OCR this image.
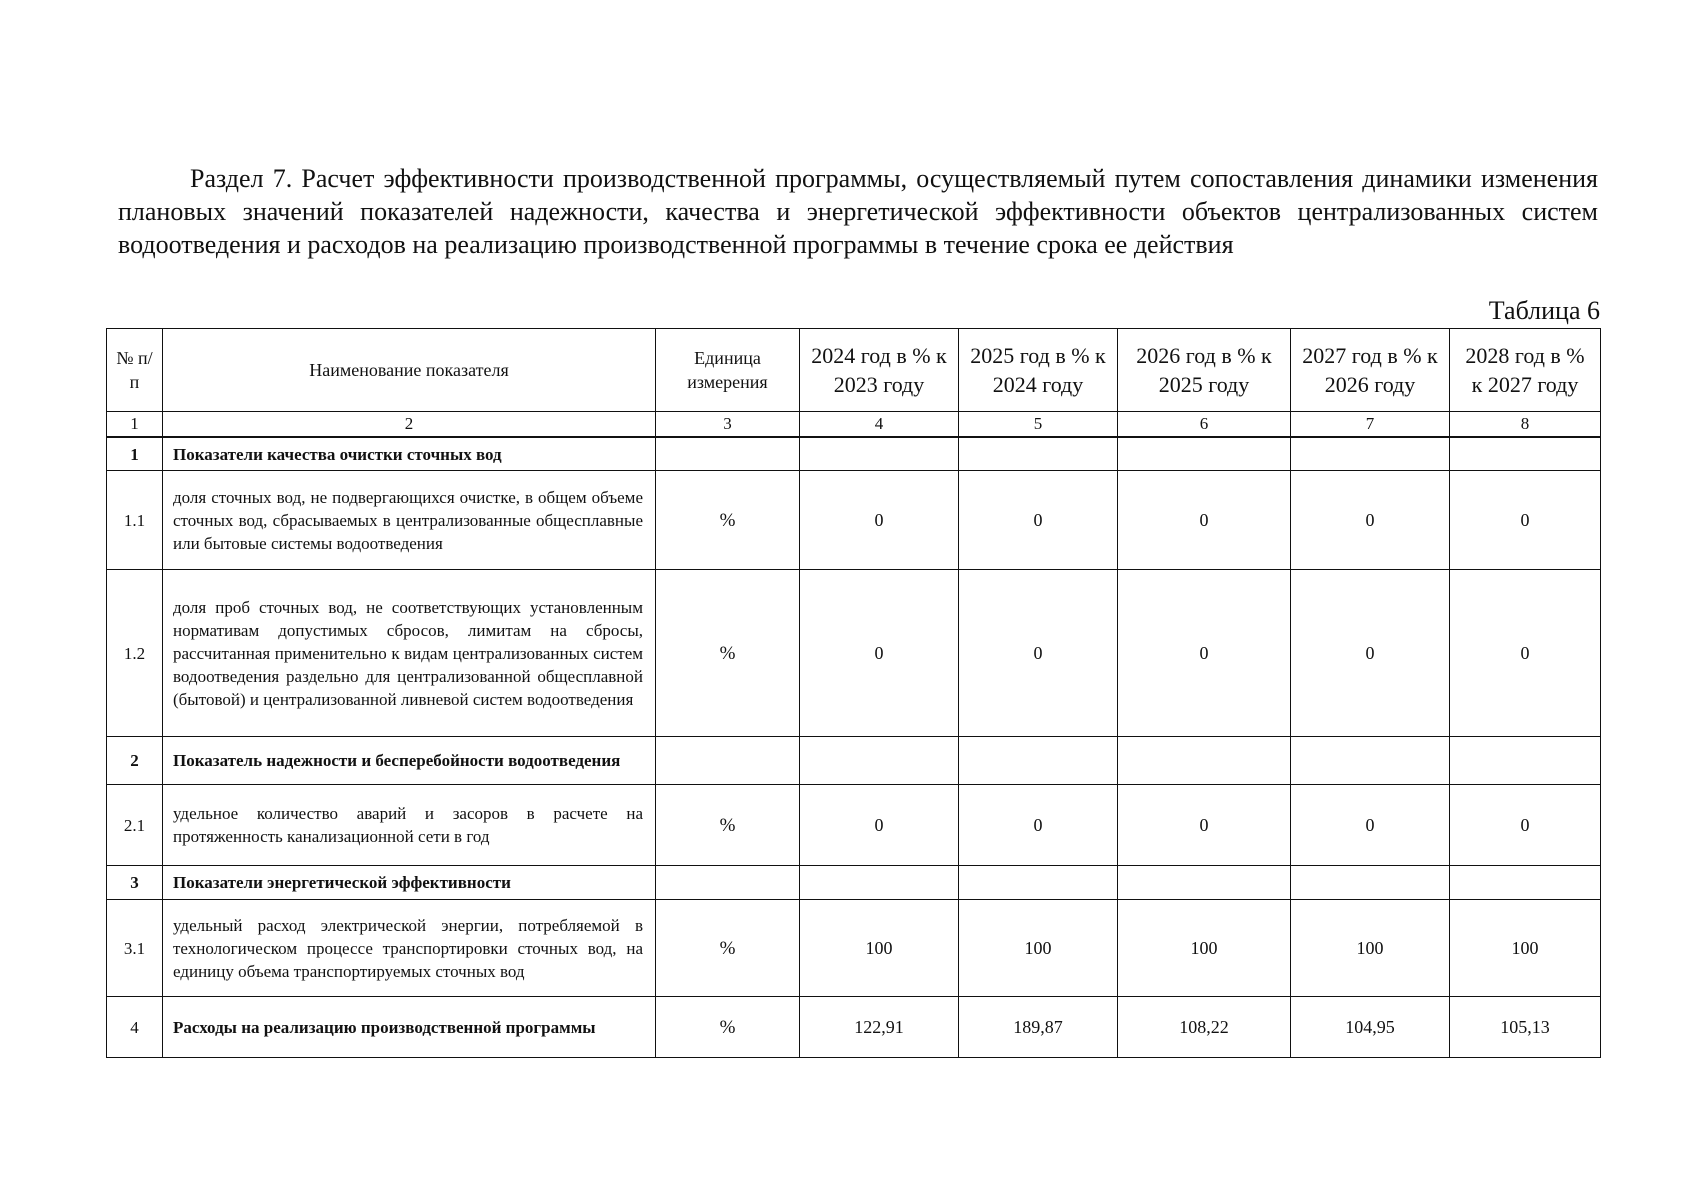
Раздел 7. Расчет эффективности производственной программы, осуществляемый путем сопоставления динамики изменения плановых значений показателей надежности, качества и энергетической эффективности объектов централизованных систем водоотведения и расходов на реализацию производственной программы в течение срока ее действия

Таблица 6
№ п/п	Наименование показателя	Единица измерения	2024 год в % к 2023 году	2025 год в % к 2024 году	2026 год в % к 2025 году	2027 год в % к 2026 году	2028 год в % к 2027 году
1	2	3	4	5	6	7	8
1	Показатели качества очистки сточных вод						
1.1	доля сточных вод, не подвергающихся очистке, в общем объеме сточных вод, сбрасываемых в централизованные общесплавные или бытовые системы водоотведения	%	0	0	0	0	0
1.2	доля проб сточных вод, не соответствующих установленным нормативам допустимых сбросов, лимитам на сбросы, рассчитанная применительно к видам централизованных систем водоотведения раздельно для централизованной общесплавной (бытовой) и централизованной ливневой систем водоотведения	%	0	0	0	0	0
2	Показатель надежности и бесперебойности водоотведения						
2.1	удельное количество аварий и засоров в расчете на протяженность канализационной сети в год	%	0	0	0	0	0
3	Показатели энергетической эффективности						
3.1	удельный расход электрической энергии, потребляемой в технологическом процессе транспортировки сточных вод, на единицу объема транспортируемых сточных вод	%	100	100	100	100	100
4	Расходы на реализацию производственной программы	%	122,91	189,87	108,22	104,95	105,13
